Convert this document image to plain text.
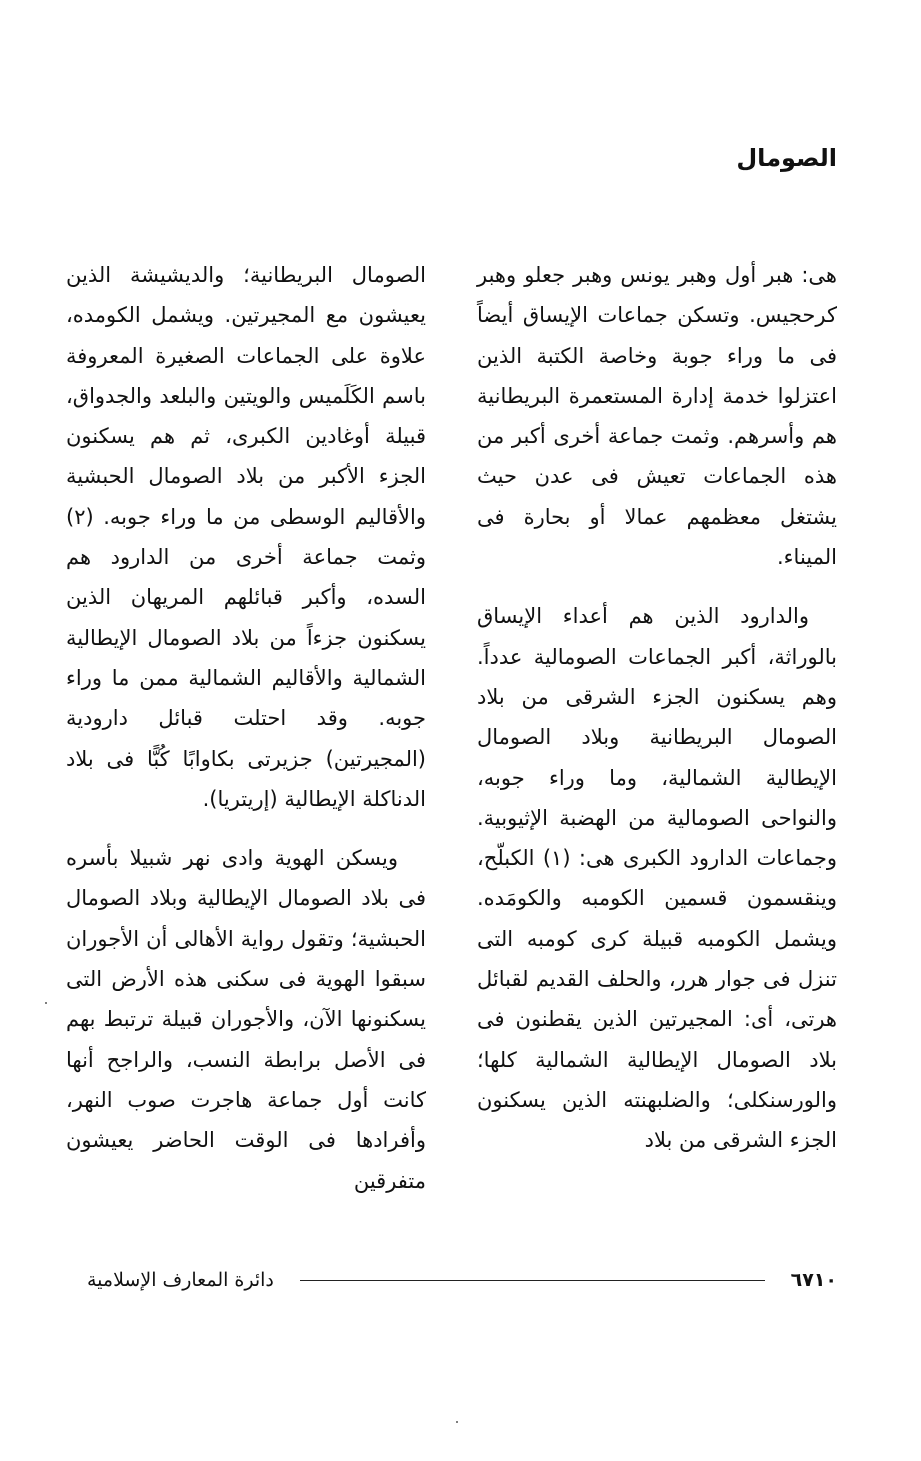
الصومال

هى: هبر أول وهبر يونس وهبر جعلو وهبر كرحجيس. وتسكن جماعات الإيساق أيضاً فى ما وراء جوبة وخاصة الكتبة الذين اعتزلوا خدمة إدارة المستعمرة البريطانية هم وأسرهم. وثمت جماعة أخرى أكبر من هذه الجماعات تعيش فى عدن حيث يشتغل معظمهم عمالا أو بحارة فى الميناء.

والدارود الذين هم أعداء الإيساق بالوراثة، أكبر الجماعات الصومالية عدداً. وهم يسكنون الجزء الشرقى من بلاد الصومال البريطانية وبلاد الصومال الإيطالية الشمالية، وما وراء جوبه، والنواحى الصومالية من الهضبة الإثيوبية. وجماعات الدارود الكبرى هى: (١) الكبلّح، وينقسمون قسمين الكومبه والكومَده. ويشمل الكومبه قبيلة كرى كومبه التى تنزل فى جوار هرر، والحلف القديم لقبائل هرتى، أى: المجيرتين الذين يقطنون فى بلاد الصومال الإيطالية الشمالية كلها؛ والورسنكلى؛ والضلبهنته الذين يسكنون الجزء الشرقى من بلاد

الصومال البريطانية؛ والديشيشة الذين يعيشون مع المجيرتين. ويشمل الكومده، علاوة على الجماعات الصغيرة المعروفة باسم الكَلَميس والويتين والبلعد والجدواق، قبيلة أوغادين الكبرى، ثم هم يسكنون الجزء الأكبر من بلاد الصومال الحبشية والأقاليم الوسطى من ما وراء جوبه. (٢) وثمت جماعة أخرى من الدارود هم السده، وأكبر قبائلهم المريهان الذين يسكنون جزءاً من بلاد الصومال الإيطالية الشمالية والأقاليم الشمالية ممن ما وراء جوبه. وقد احتلت قبائل دارودية (المجيرتين) جزيرتى بكاوابًا كُبًّا فى بلاد الدناكلة الإيطالية (إريتريا).

ويسكن الهوية وادى نهر شبيلا بأسره فى بلاد الصومال الإيطالية وبلاد الصومال الحبشية؛ وتقول رواية الأهالى أن الأجوران سبقوا الهوية فى سكنى هذه الأرض التى يسكنونها الآن، والأجوران قبيلة ترتبط بهم فى الأصل برابطة النسب، والراجح أنها كانت أول جماعة هاجرت صوب النهر، وأفرادها فى الوقت الحاضر يعيشون متفرقين

٦٧١٠
دائرة المعارف الإسلامية
